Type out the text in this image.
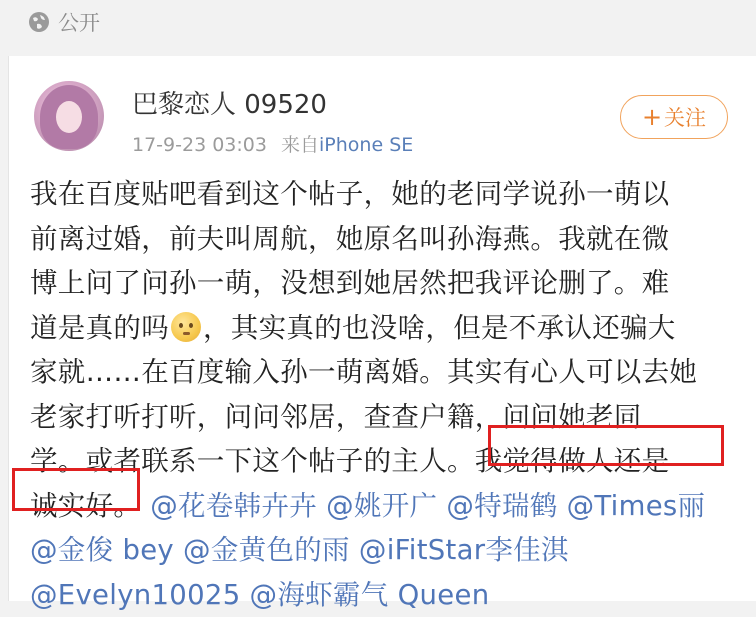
公开
巴黎恋人 09520
17-9-23 03:03 来自iPhone SE
+ 关注
我在百度贴吧看到这个帖子，她的老同学说孙一萌以
前离过婚，前夫叫周航，她原名叫孙海燕。我就在微
博上问了问孙一萌，没想到她居然把我评论删了。难
道是真的吗 ，其实真的也没啥，但是不承认还骗大
家就……在百度输入孙一萌离婚。其实有心人可以去她
老家打听打听，问问邻居，查查户籍，问问她老同
学。或者联系一下这个帖子的主人。我觉得做人还是
诚实好。 @花卷韩卉卉 @姚开广 @特瑞鹤 @Times丽
@金俊 bey @金黄色的雨 @iFitStar李佳淇
@Evelyn10025 @海虾霸气 Queen
